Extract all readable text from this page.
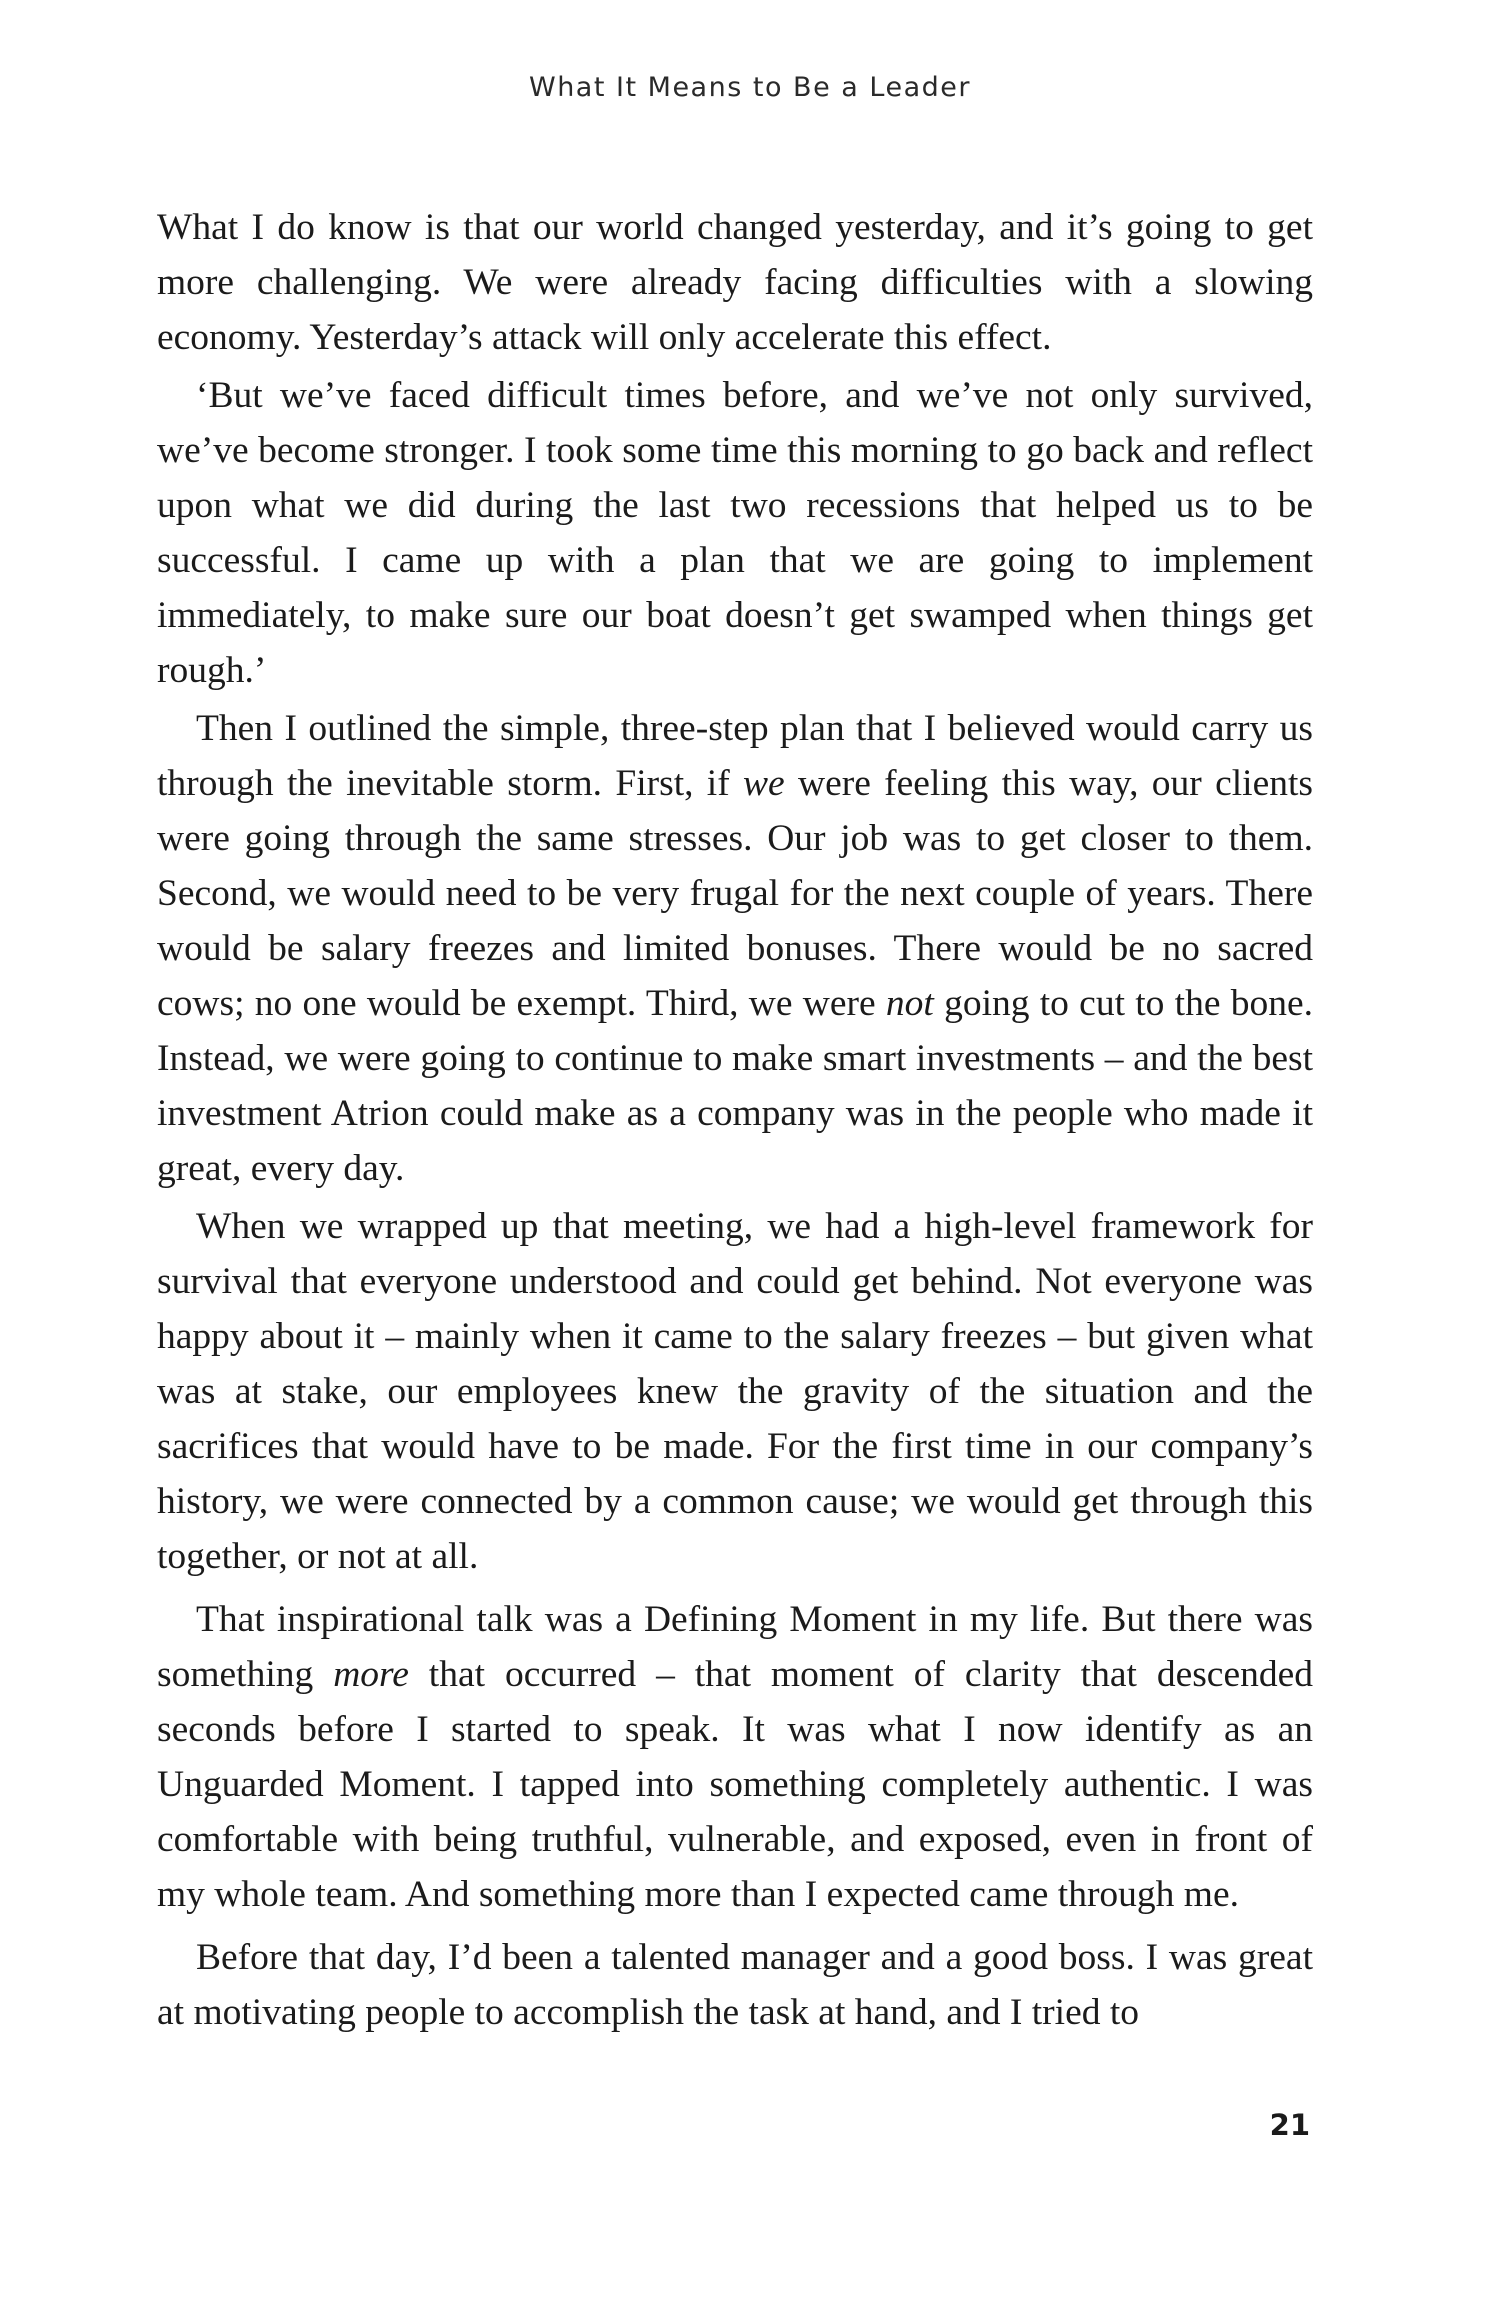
What It Means to Be a Leader

What I do know is that our world changed yesterday, and it’s going to get more challenging. We were already facing difficulties with a slowing economy. Yesterday’s attack will only accelerate this effect.

‘But we’ve faced difficult times before, and we’ve not only survived, we’ve become stronger. I took some time this morning to go back and reflect upon what we did during the last two recessions that helped us to be successful. I came up with a plan that we are going to implement immediately, to make sure our boat doesn’t get swamped when things get rough.’

Then I outlined the simple, three-step plan that I believed would carry us through the inevitable storm. First, if we were feeling this way, our clients were going through the same stresses. Our job was to get closer to them. Second, we would need to be very frugal for the next couple of years. There would be salary freezes and limited bonuses. There would be no sacred cows; no one would be exempt. Third, we were not going to cut to the bone. Instead, we were going to continue to make smart investments – and the best investment Atrion could make as a company was in the people who made it great, every day.

When we wrapped up that meeting, we had a high-level framework for survival that everyone understood and could get behind. Not everyone was happy about it – mainly when it came to the salary freezes – but given what was at stake, our employees knew the gravity of the situation and the sacrifices that would have to be made. For the first time in our company’s history, we were connected by a common cause; we would get through this together, or not at all.

That inspirational talk was a Defining Moment in my life. But there was something more that occurred – that moment of clarity that descended seconds before I started to speak. It was what I now identify as an Unguarded Moment. I tapped into something completely authentic. I was comfortable with being truthful, vulnerable, and exposed, even in front of my whole team. And something more than I expected came through me.

Before that day, I’d been a talented manager and a good boss. I was great at motivating people to accomplish the task at hand, and I tried to

21
